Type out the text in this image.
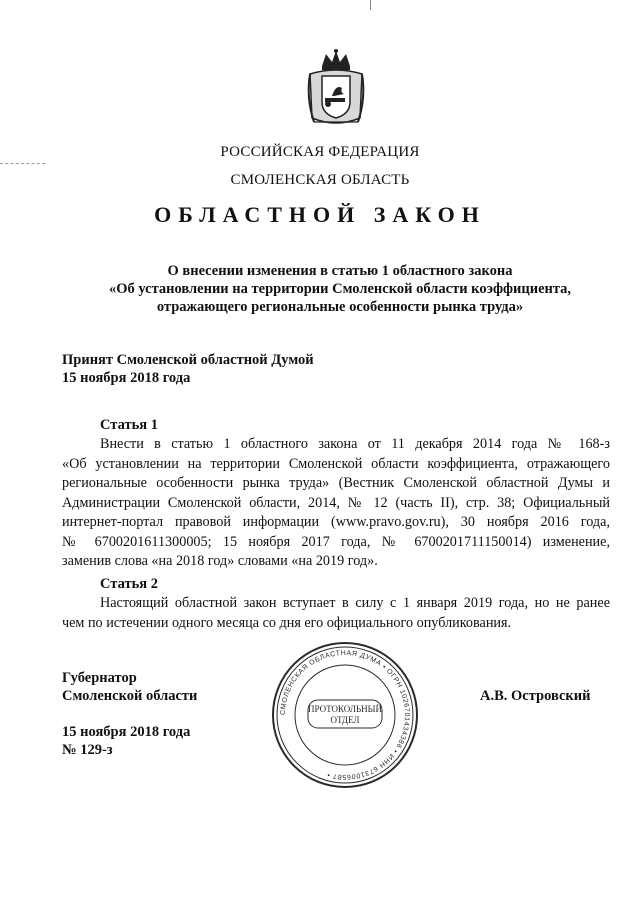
РОССИЙСКАЯ ФЕДЕРАЦИЯ
СМОЛЕНСКАЯ ОБЛАСТЬ
ОБЛАСТНОЙ ЗАКОН
О внесении изменения в статью 1 областного закона
«Об установлении на территории Смоленской области коэффициента,
отражающего региональные особенности рынка труда»
Принят Смоленской областной Думой
15 ноября 2018 года
Статья 1
Внести в статью 1 областного закона от 11 декабря 2014 года № 168-з
«Об установлении на территории Смоленской области коэффициента, отражающего
региональные особенности рынка труда» (Вестник Смоленской областной Думы и
Администрации Смоленской области, 2014, № 12 (часть II), стр. 38; Официальный
интернет-портал правовой информации (www.pravo.gov.ru), 30 ноября 2016 года,
№ 6700201611300005; 15 ноября 2017 года, № 6700201711150014) изменение,
заменив слова «на 2018 год» словами «на 2019 год».
Статья 2
Настоящий областной закон вступает в силу с 1 января 2019 года, но не ранее
чем по истечении одного месяца со дня его официального опубликования.
Губернатор
Смоленской области	А.В. Островский
15 ноября 2018 года
№ 129-з
СМОЛЕНСКАЯ ОБЛАСТНАЯ ДУМА • ОГРН 1026701434386 • ИНН 6731006587 •
ПРОТОКОЛЬНЫЙ
ОТДЕЛ
